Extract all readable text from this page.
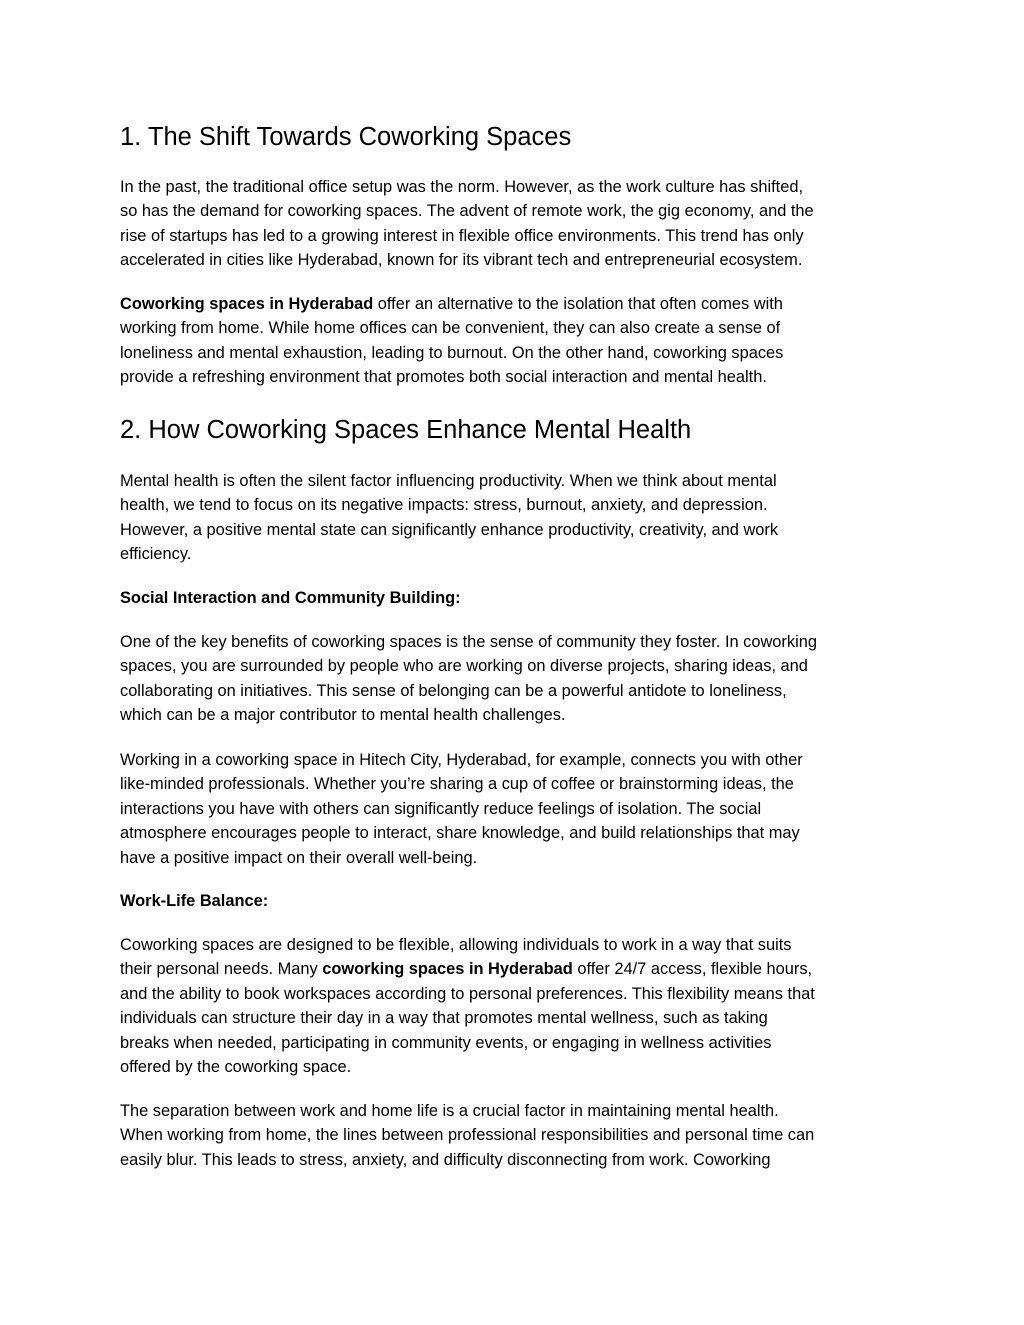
1. The Shift Towards Coworking Spaces

In the past, the traditional office setup was the norm. However, as the work culture has shifted,
so has the demand for coworking spaces. The advent of remote work, the gig economy, and the
rise of startups has led to a growing interest in flexible office environments. This trend has only
accelerated in cities like Hyderabad, known for its vibrant tech and entrepreneurial ecosystem.

Coworking spaces in Hyderabad offer an alternative to the isolation that often comes with
working from home. While home offices can be convenient, they can also create a sense of
loneliness and mental exhaustion, leading to burnout. On the other hand, coworking spaces
provide a refreshing environment that promotes both social interaction and mental health.

2. How Coworking Spaces Enhance Mental Health

Mental health is often the silent factor influencing productivity. When we think about mental
health, we tend to focus on its negative impacts: stress, burnout, anxiety, and depression.
However, a positive mental state can significantly enhance productivity, creativity, and work
efficiency.

Social Interaction and Community Building:

One of the key benefits of coworking spaces is the sense of community they foster. In coworking
spaces, you are surrounded by people who are working on diverse projects, sharing ideas, and
collaborating on initiatives. This sense of belonging can be a powerful antidote to loneliness,
which can be a major contributor to mental health challenges.

Working in a coworking space in Hitech City, Hyderabad, for example, connects you with other
like-minded professionals. Whether you’re sharing a cup of coffee or brainstorming ideas, the
interactions you have with others can significantly reduce feelings of isolation. The social
atmosphere encourages people to interact, share knowledge, and build relationships that may
have a positive impact on their overall well-being.

Work-Life Balance:

Coworking spaces are designed to be flexible, allowing individuals to work in a way that suits
their personal needs. Many coworking spaces in Hyderabad offer 24/7 access, flexible hours,
and the ability to book workspaces according to personal preferences. This flexibility means that
individuals can structure their day in a way that promotes mental wellness, such as taking
breaks when needed, participating in community events, or engaging in wellness activities
offered by the coworking space.

The separation between work and home life is a crucial factor in maintaining mental health.
When working from home, the lines between professional responsibilities and personal time can
easily blur. This leads to stress, anxiety, and difficulty disconnecting from work. Coworking
